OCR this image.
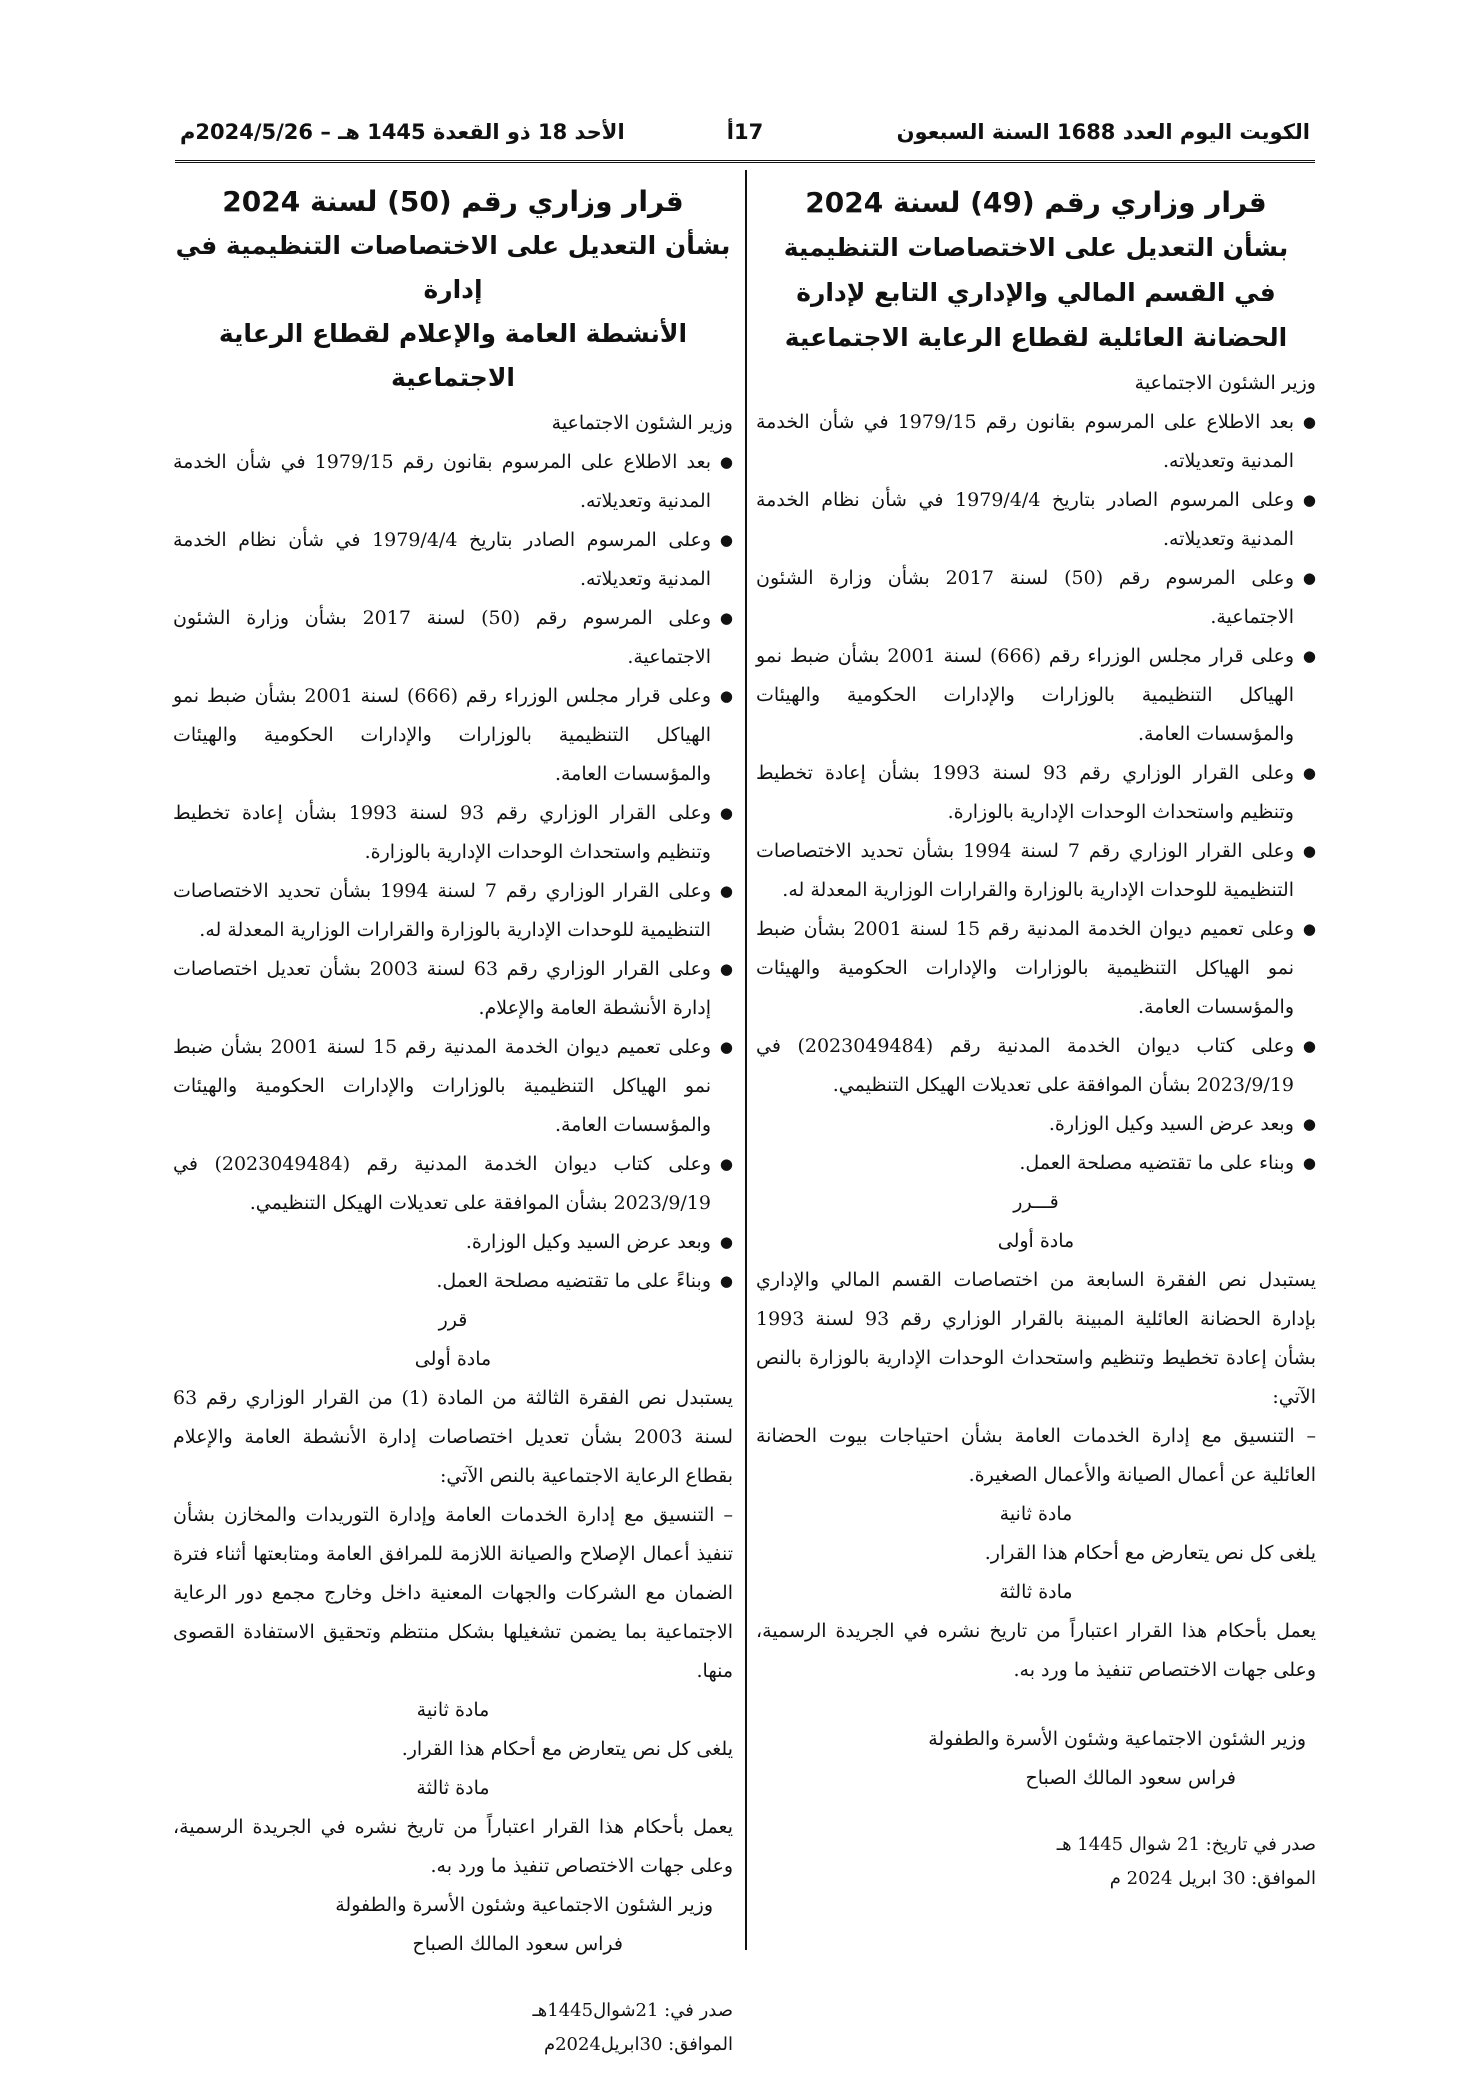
الكويت اليوم العدد 1688 السنة السبعون
17أ
الأحد 18 ذو القعدة 1445 هـ – 2024/5/26م

قرار وزاري رقم (49) لسنة 2024

بشأن التعديل على الاختصاصات التنظيمية

في القسم المالي والإداري التابع لإدارة

الحضانة العائلية لقطاع الرعاية الاجتماعية

وزير الشئون الاجتماعية

● بعد الاطلاع على المرسوم بقانون رقم 1979/15 في شأن الخدمة المدنية وتعديلاته.
● وعلى المرسوم الصادر بتاريخ 1979/4/4 في شأن نظام الخدمة المدنية وتعديلاته.
● وعلى المرسوم رقم (50) لسنة 2017 بشأن وزارة الشئون الاجتماعية.
● وعلى قرار مجلس الوزراء رقم (666) لسنة 2001 بشأن ضبط نمو الهياكل التنظيمية بالوزارات والإدارات الحكومية والهيئات والمؤسسات العامة.
● وعلى القرار الوزاري رقم 93 لسنة 1993 بشأن إعادة تخطيط وتنظيم واستحداث الوحدات الإدارية بالوزارة.
● وعلى القرار الوزاري رقم 7 لسنة 1994 بشأن تحديد الاختصاصات التنظيمية للوحدات الإدارية بالوزارة والقرارات الوزارية المعدلة له.
● وعلى تعميم ديوان الخدمة المدنية رقم 15 لسنة 2001 بشأن ضبط نمو الهياكل التنظيمية بالوزارات والإدارات الحكومية والهيئات والمؤسسات العامة.
● وعلى كتاب ديوان الخدمة المدنية رقم (2023049484) في 2023/9/19 بشأن الموافقة على تعديلات الهيكل التنظيمي.
● وبعد عرض السيد وكيل الوزارة.
● وبناء على ما تقتضيه مصلحة العمل.

قـــرر

مادة أولى

يستبدل نص الفقرة السابعة من اختصاصات القسم المالي والإداري بإدارة الحضانة العائلية المبينة بالقرار الوزاري رقم 93 لسنة 1993 بشأن إعادة تخطيط وتنظيم واستحداث الوحدات الإدارية بالوزارة بالنص الآتي:

– التنسيق مع إدارة الخدمات العامة بشأن احتياجات بيوت الحضانة العائلية عن أعمال الصيانة والأعمال الصغيرة.

مادة ثانية

يلغى كل نص يتعارض مع أحكام هذا القرار.

مادة ثالثة

يعمل بأحكام هذا القرار اعتباراً من تاريخ نشره في الجريدة الرسمية، وعلى جهات الاختصاص تنفيذ ما ورد به.

وزير الشئون الاجتماعية وشئون الأسرة والطفولة

فراس سعود المالك الصباح

صدر في تاريخ: 21 شوال 1445 هـ

الموافق: 30 ابريل 2024 م

قرار وزاري رقم (50) لسنة 2024

بشأن التعديل على الاختصاصات التنظيمية في إدارة

الأنشطة العامة والإعلام لقطاع الرعاية الاجتماعية

وزير الشئون الاجتماعية

● بعد الاطلاع على المرسوم بقانون رقم 1979/15 في شأن الخدمة المدنية وتعديلاته.
● وعلى المرسوم الصادر بتاريخ 1979/4/4 في شأن نظام الخدمة المدنية وتعديلاته.
● وعلى المرسوم رقم (50) لسنة 2017 بشأن وزارة الشئون الاجتماعية.
● وعلى قرار مجلس الوزراء رقم (666) لسنة 2001 بشأن ضبط نمو الهياكل التنظيمية بالوزارات والإدارات الحكومية والهيئات والمؤسسات العامة.
● وعلى القرار الوزاري رقم 93 لسنة 1993 بشأن إعادة تخطيط وتنظيم واستحداث الوحدات الإدارية بالوزارة.
● وعلى القرار الوزاري رقم 7 لسنة 1994 بشأن تحديد الاختصاصات التنظيمية للوحدات الإدارية بالوزارة والقرارات الوزارية المعدلة له.
● وعلى القرار الوزاري رقم 63 لسنة 2003 بشأن تعديل اختصاصات إدارة الأنشطة العامة والإعلام.
● وعلى تعميم ديوان الخدمة المدنية رقم 15 لسنة 2001 بشأن ضبط نمو الهياكل التنظيمية بالوزارات والإدارات الحكومية والهيئات والمؤسسات العامة.
● وعلى كتاب ديوان الخدمة المدنية رقم (2023049484) في 2023/9/19 بشأن الموافقة على تعديلات الهيكل التنظيمي.
● وبعد عرض السيد وكيل الوزارة.
● وبناءً على ما تقتضيه مصلحة العمل.

قرر

مادة أولى

يستبدل نص الفقرة الثالثة من المادة (1) من القرار الوزاري رقم 63 لسنة 2003 بشأن تعديل اختصاصات إدارة الأنشطة العامة والإعلام بقطاع الرعاية الاجتماعية بالنص الآتي:

– التنسيق مع إدارة الخدمات العامة وإدارة التوريدات والمخازن بشأن تنفيذ أعمال الإصلاح والصيانة اللازمة للمرافق العامة ومتابعتها أثناء فترة الضمان مع الشركات والجهات المعنية داخل وخارج مجمع دور الرعاية الاجتماعية بما يضمن تشغيلها بشكل منتظم وتحقيق الاستفادة القصوى منها.

مادة ثانية

يلغى كل نص يتعارض مع أحكام هذا القرار.

مادة ثالثة

يعمل بأحكام هذا القرار اعتباراً من تاريخ نشره في الجريدة الرسمية، وعلى جهات الاختصاص تنفيذ ما ورد به.

وزير الشئون الاجتماعية وشئون الأسرة والطفولة

فراس سعود المالك الصباح

صدر في: 21شوال1445هـ

الموافق: 30ابريل2024م
